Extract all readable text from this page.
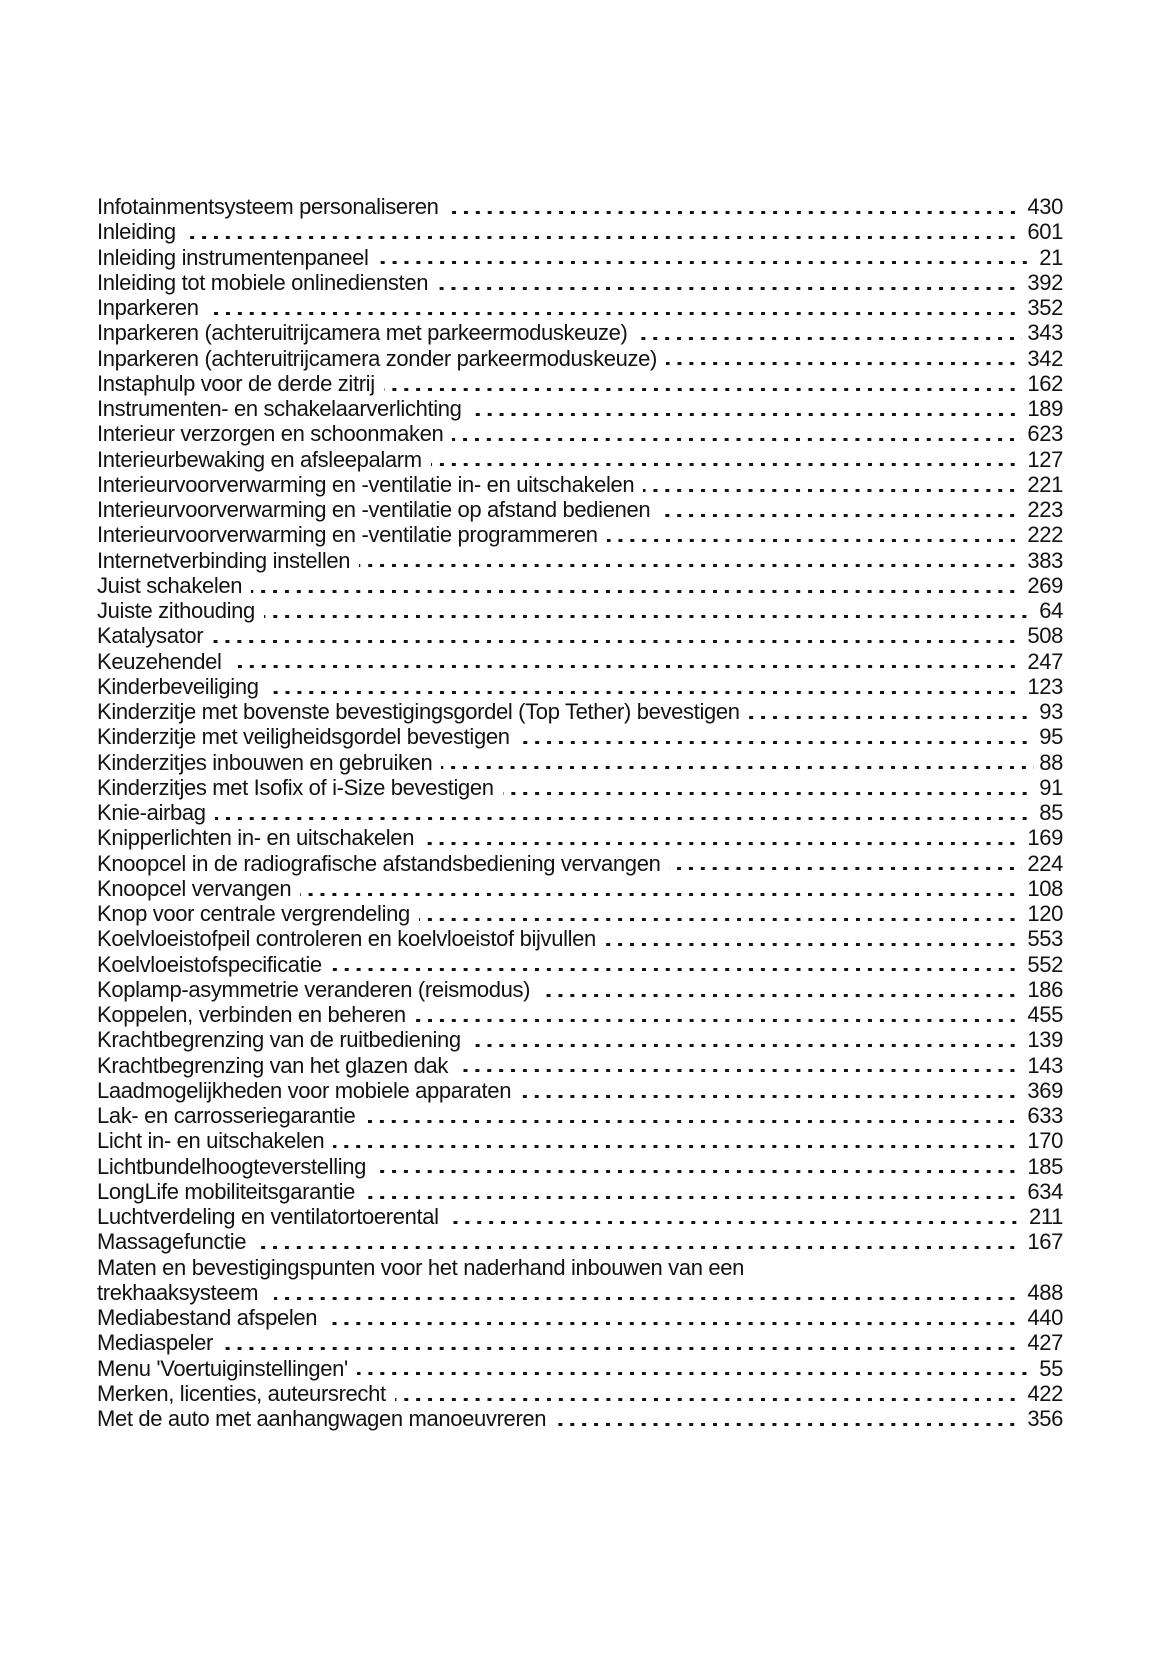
Infotainmentsysteem personaliseren	430
Inleiding	601
Inleiding instrumentenpaneel	21
Inleiding tot mobiele onlinediensten	392
Inparkeren	352
Inparkeren (achteruitrijcamera met parkeermoduskeuze)	343
Inparkeren (achteruitrijcamera zonder parkeermoduskeuze)	342
Instaphulp voor de derde zitrij	162
Instrumenten- en schakelaarverlichting	189
Interieur verzorgen en schoonmaken	623
Interieurbewaking en afsleepalarm	127
Interieurvoorverwarming en -ventilatie in- en uitschakelen	221
Interieurvoorverwarming en -ventilatie op afstand bedienen	223
Interieurvoorverwarming en -ventilatie programmeren	222
Internetverbinding instellen	383
Juist schakelen	269
Juiste zithouding	64
Katalysator	508
Keuzehendel	247
Kinderbeveiliging	123
Kinderzitje met bovenste bevestigingsgordel (Top Tether) bevestigen	93
Kinderzitje met veiligheidsgordel bevestigen	95
Kinderzitjes inbouwen en gebruiken	88
Kinderzitjes met Isofix of i-Size bevestigen	91
Knie-airbag	85
Knipperlichten in- en uitschakelen	169
Knoopcel in de radiografische afstandsbediening vervangen	224
Knoopcel vervangen	108
Knop voor centrale vergrendeling	120
Koelvloeistofpeil controleren en koelvloeistof bijvullen	553
Koelvloeistofspecificatie	552
Koplamp-asymmetrie veranderen (reismodus)	186
Koppelen, verbinden en beheren	455
Krachtbegrenzing van de ruitbediening	139
Krachtbegrenzing van het glazen dak	143
Laadmogelijkheden voor mobiele apparaten	369
Lak- en carrosseriegarantie	633
Licht in- en uitschakelen	170
Lichtbundelhoogteverstelling	185
LongLife mobiliteitsgarantie	634
Luchtverdeling en ventilatortoerental	211
Massagefunctie	167
Maten en bevestigingspunten voor het naderhand inbouwen van een
trekhaaksysteem	488
Mediabestand afspelen	440
Mediaspeler	427
Menu 'Voertuiginstellingen'	55
Merken, licenties, auteursrecht	422
Met de auto met aanhangwagen manoeuvreren	356
